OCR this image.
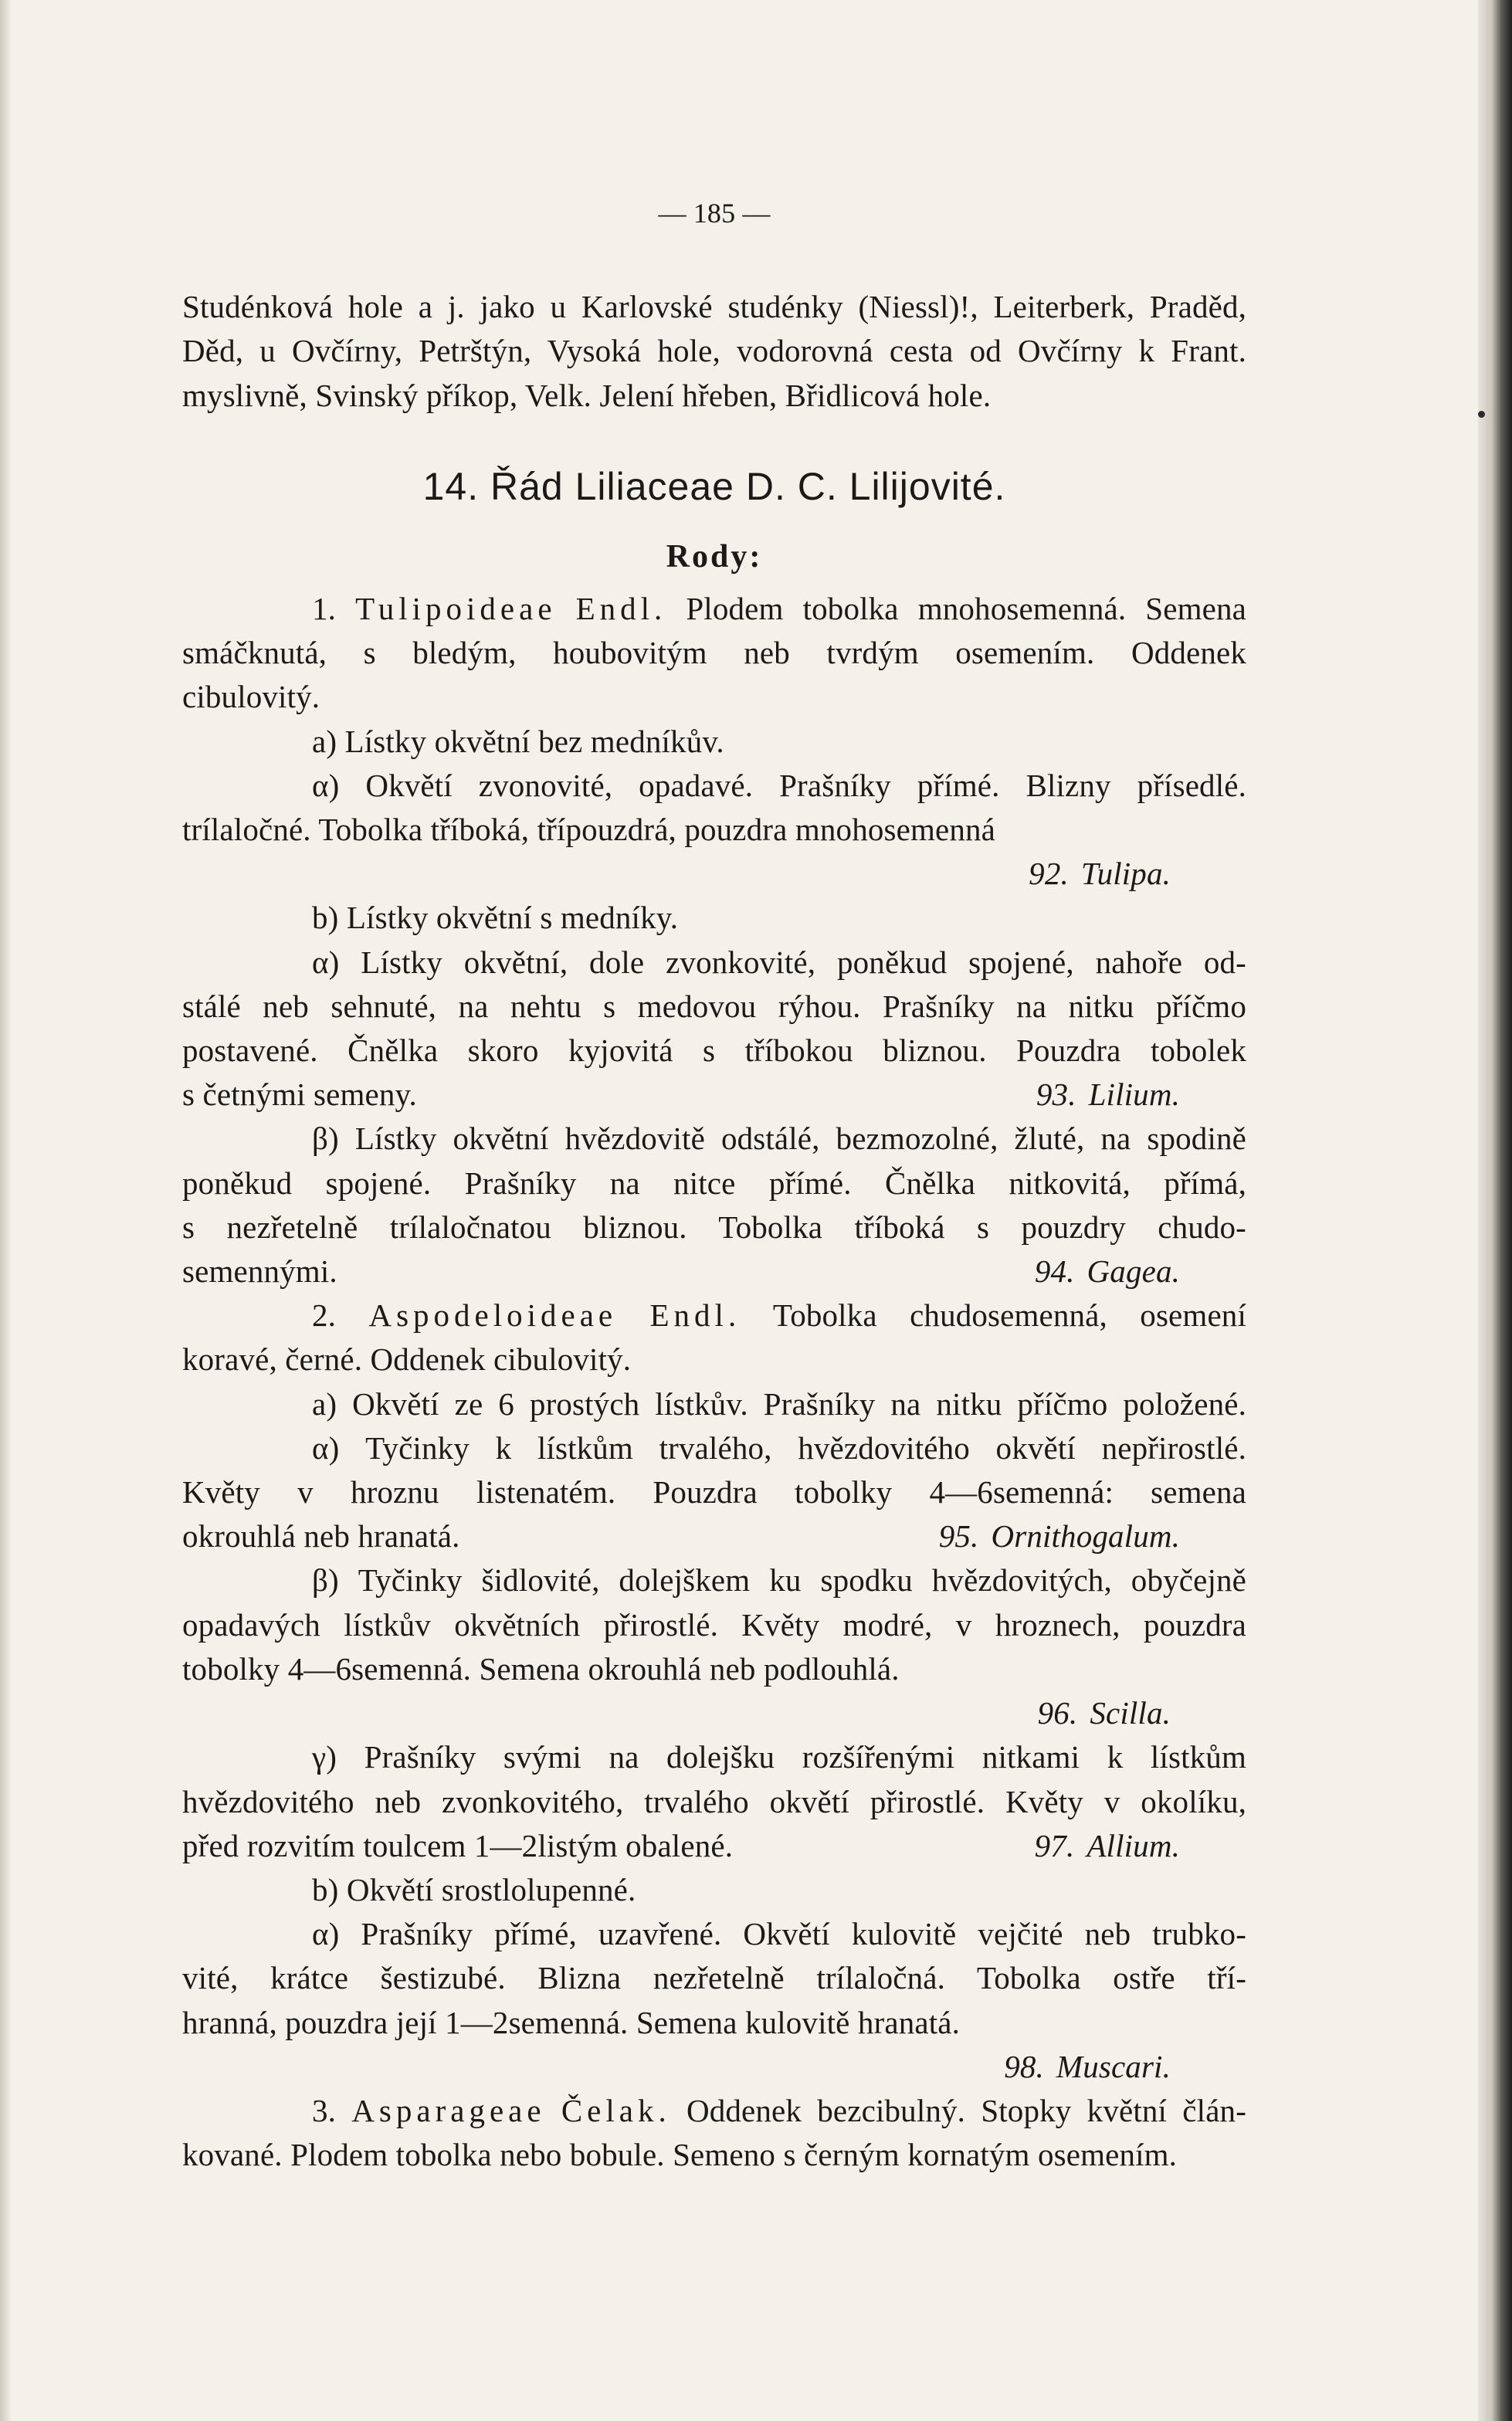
— 185 —

Studénková hole a j. jako u Karlovské studénky (Niessl)!, Leiterberk, Praděd,

Děd, u Ovčírny, Petrštýn, Vysoká hole, vodorovná cesta od Ovčírny k Frant.

myslivně, Svinský příkop, Velk. Jelení hřeben, Břidlicová hole.

14. Řád Liliaceae D. C. Lilijovité.

Rody:

1. Tulipoideae Endl. Plodem tobolka mnohosemenná. Semena

smáčknutá, s bledým, houbovitým neb tvrdým osemením. Oddenek

cibulovitý.

a) Lístky okvětní bez medníkův.

α) Okvětí zvonovité, opadavé. Prašníky přímé. Blizny přísedlé.

trílaločné. Tobolka tříboká, třípouzdrá, pouzdra mnohosemenná

92. Tulipa.

b) Lístky okvětní s medníky.

α) Lístky okvětní, dole zvonkovité, poněkud spojené, nahoře od-

stálé neb sehnuté, na nehtu s medovou rýhou. Prašníky na nitku příčmo

postavené. Čnělka skoro kyjovitá s tříbokou bliznou. Pouzdra tobolek

s četnými semeny.	93. Lilium.

β) Lístky okvětní hvězdovitě odstálé, bezmozolné, žluté, na spodině

poněkud spojené. Prašníky na nitce přímé. Čnělka nitkovitá, přímá,

s nezřetelně trílaločnatou bliznou. Tobolka tříboká s pouzdry chudo-

semennými.	94. Gagea.

2. Aspodeloideae Endl. Tobolka chudosemenná, osemení

koravé, černé. Oddenek cibulovitý.

a) Okvětí ze 6 prostých lístkův. Prašníky na nitku příčmo položené.

α) Tyčinky k lístkům trvalého, hvězdovitého okvětí nepřirostlé.

Květy v hroznu listenatém. Pouzdra tobolky 4—6semenná: semena

okrouhlá neb hranatá.	95. Ornithogalum.

β) Tyčinky šidlovité, dolejškem ku spodku hvězdovitých, obyčejně

opadavých lístkův okvětních přirostlé. Květy modré, v hroznech, pouzdra

tobolky 4—6semenná. Semena okrouhlá neb podlouhlá.

96. Scilla.

γ) Prašníky svými na dolejšku rozšířenými nitkami k lístkům

hvězdovitého neb zvonkovitého, trvalého okvětí přirostlé. Květy v okolíku,

před rozvitím toulcem 1—2listým obalené.	97. Allium.

b) Okvětí srostlolupenné.

α) Prašníky přímé, uzavřené. Okvětí kulovitě vejčité neb trubko-

vité, krátce šestizubé. Blizna nezřetelně trílaločná. Tobolka ostře tří-

hranná, pouzdra její 1—2semenná. Semena kulovitě hranatá.

98. Muscari.

3. Asparageae Čelak. Oddenek bezcibulný. Stopky květní člán-

kované. Plodem tobolka nebo bobule. Semeno s černým kornatým osemením.
